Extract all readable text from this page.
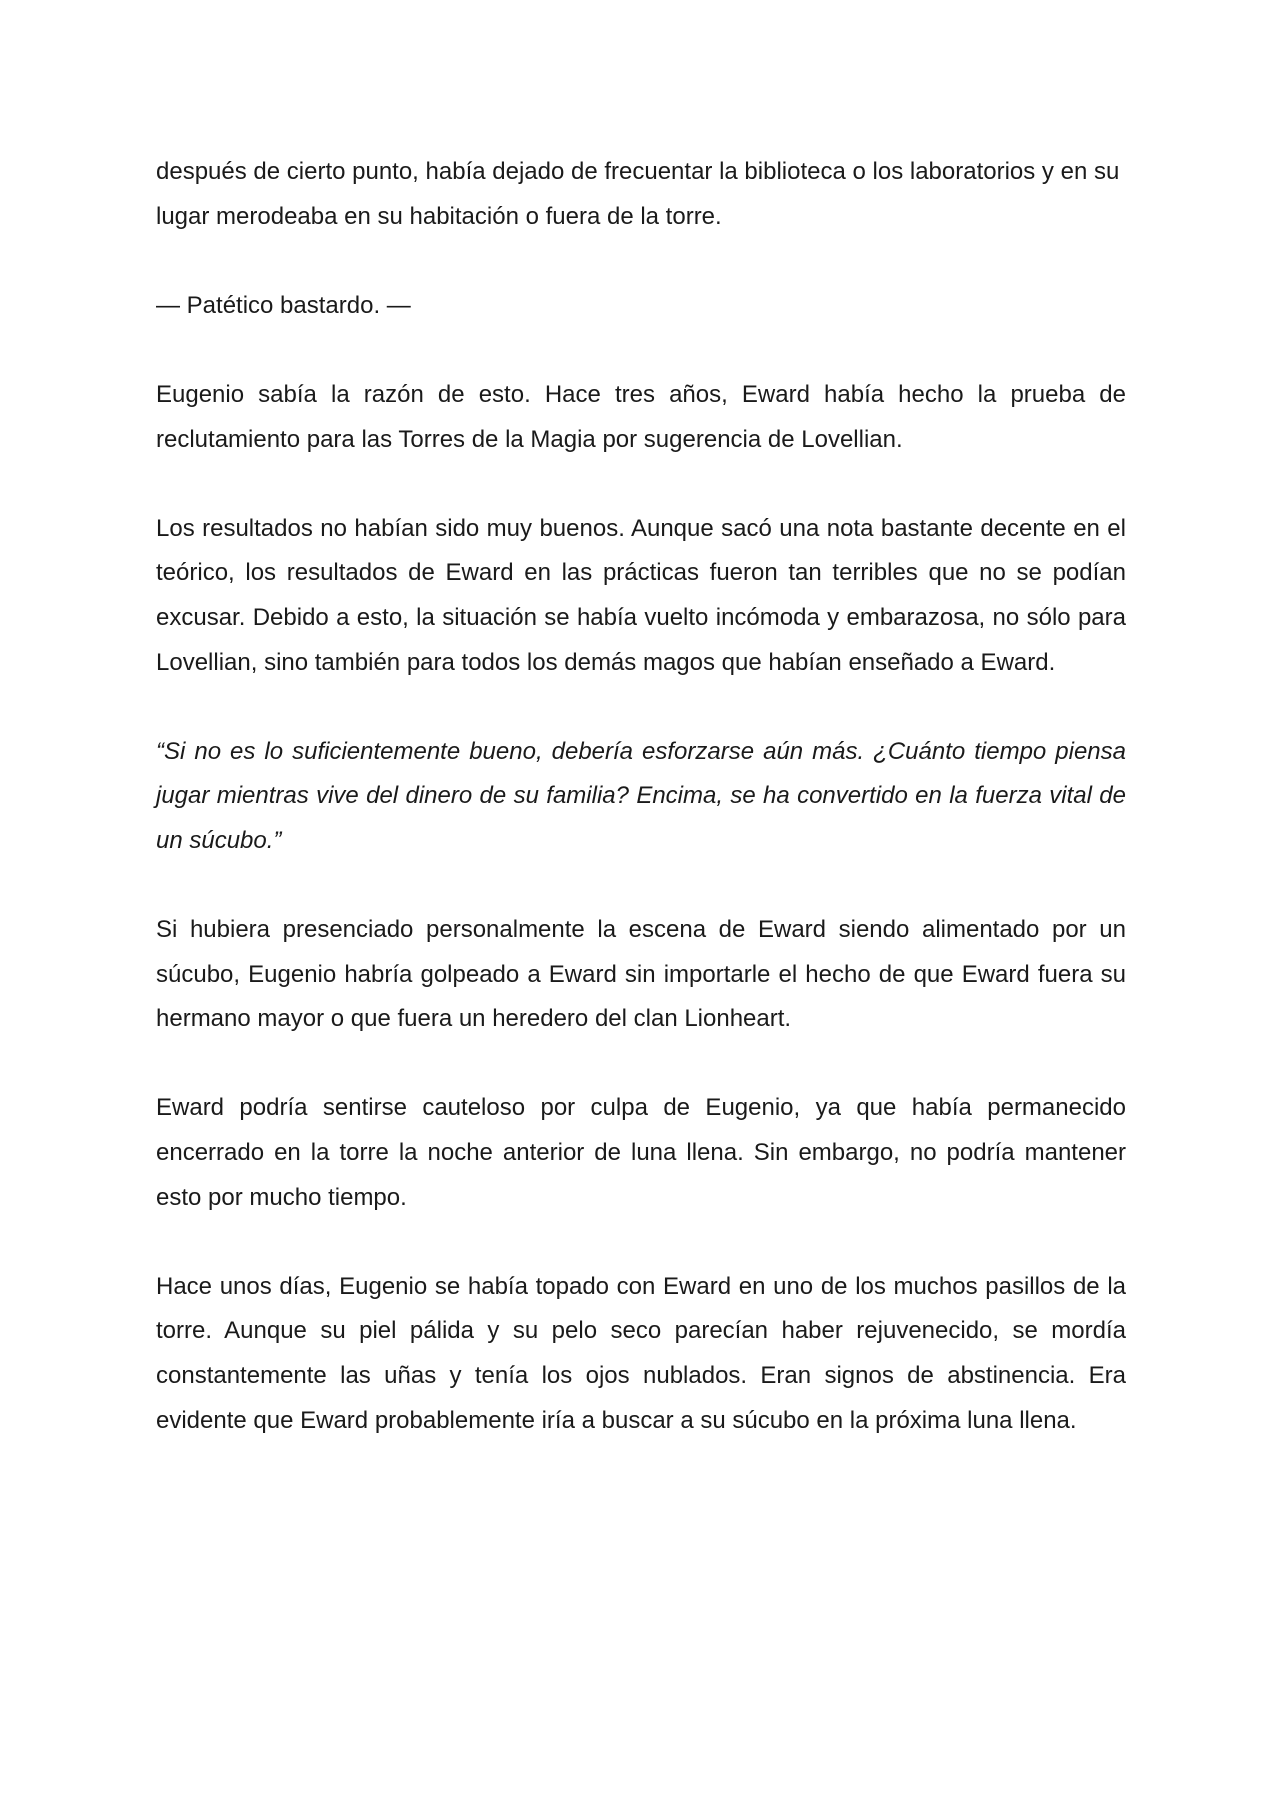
después de cierto punto, había dejado de frecuentar la biblioteca o los laboratorios y en su lugar merodeaba en su habitación o fuera de la torre.

— Patético bastardo. —

Eugenio sabía la razón de esto. Hace tres años, Eward había hecho la prueba de reclutamiento para las Torres de la Magia por sugerencia de Lovellian.

Los resultados no habían sido muy buenos. Aunque sacó una nota bastante decente en el teórico, los resultados de Eward en las prácticas fueron tan terribles que no se podían excusar. Debido a esto, la situación se había vuelto incómoda y embarazosa, no sólo para Lovellian, sino también para todos los demás magos que habían enseñado a Eward.

“Si no es lo suficientemente bueno, debería esforzarse aún más. ¿Cuánto tiempo piensa jugar mientras vive del dinero de su familia? Encima, se ha convertido en la fuerza vital de un súcubo.”

Si hubiera presenciado personalmente la escena de Eward siendo alimentado por un súcubo, Eugenio habría golpeado a Eward sin importarle el hecho de que Eward fuera su hermano mayor o que fuera un heredero del clan Lionheart.

Eward podría sentirse cauteloso por culpa de Eugenio, ya que había permanecido encerrado en la torre la noche anterior de luna llena. Sin embargo, no podría mantener esto por mucho tiempo.

Hace unos días, Eugenio se había topado con Eward en uno de los muchos pasillos de la torre. Aunque su piel pálida y su pelo seco parecían haber rejuvenecido, se mordía constantemente las uñas y tenía los ojos nublados. Eran signos de abstinencia. Era evidente que Eward probablemente iría a buscar a su súcubo en la próxima luna llena.
